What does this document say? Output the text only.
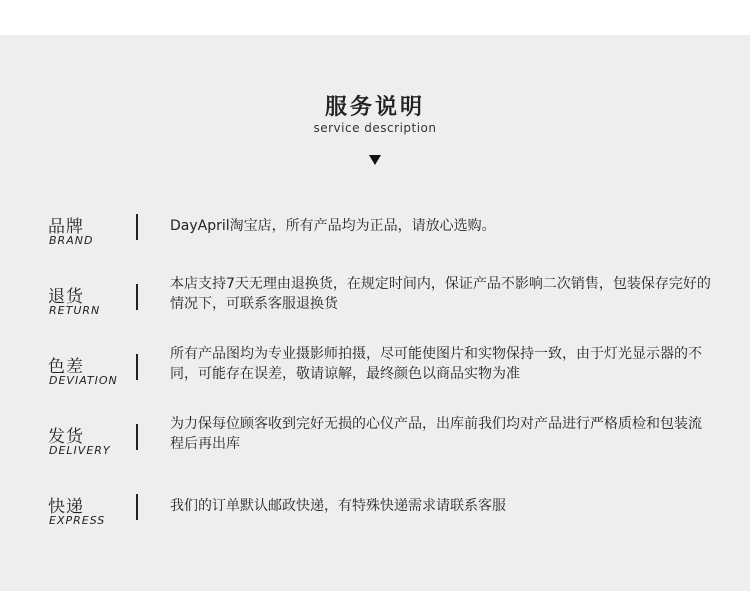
服务说明
service description
品牌
BRAND
DayApril淘宝店，所有产品均为正品，请放心选购。
退货
RETURN
本店支持7天无理由退换货，在规定时间内，保证产品不影响二次销售，包装保存完好的情况下，可联系客服退换货
色差
DEVIATION
所有产品图均为专业摄影师拍摄，尽可能使图片和实物保持一致，由于灯光显示器的不同，可能存在误差，敬请谅解，最终颜色以商品实物为准
发货
DELIVERY
为力保每位顾客收到完好无损的心仪产品，出库前我们均对产品进行严格质检和包装流程后再出库
快递
EXPRESS
我们的订单默认邮政快递，有特殊快递需求请联系客服
